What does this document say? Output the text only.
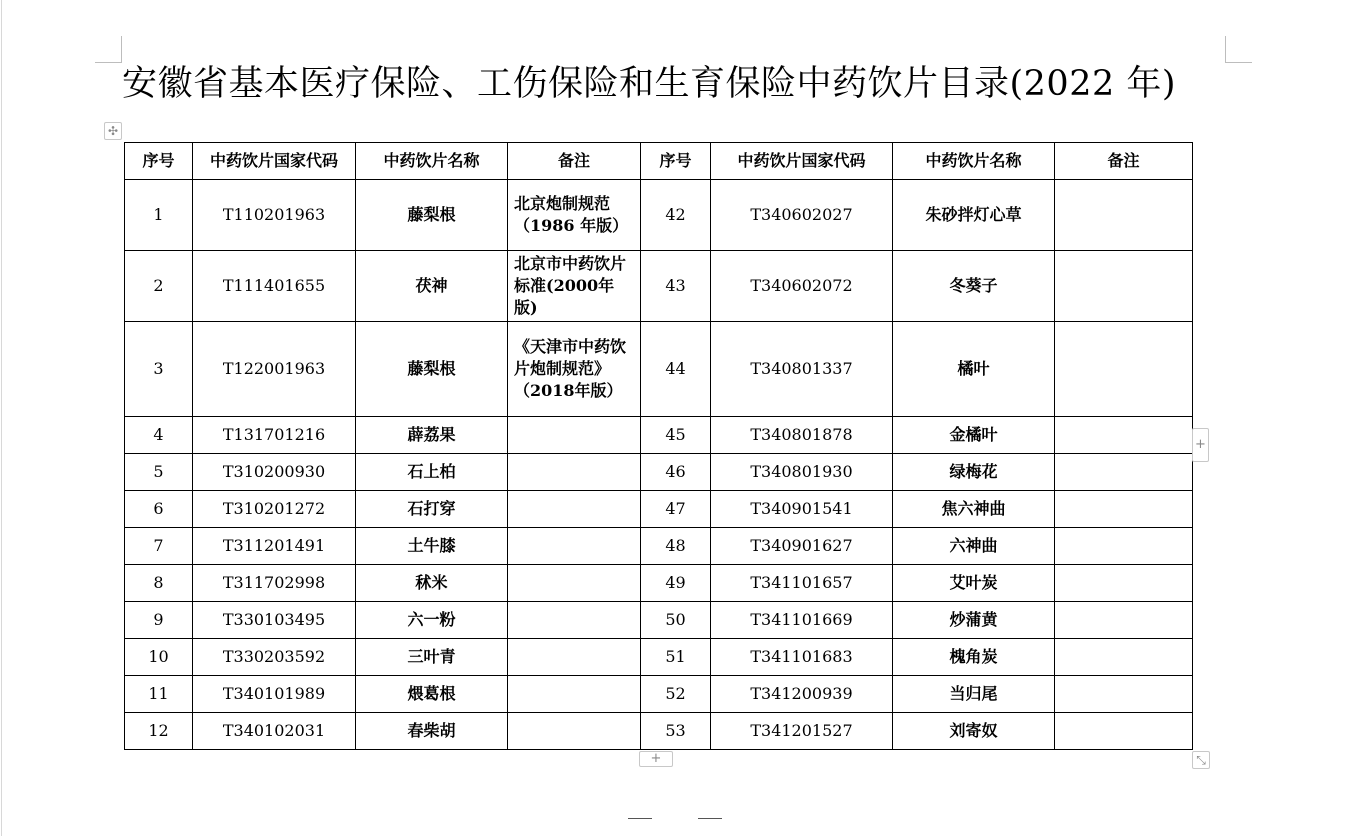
安徽省基本医疗保险、工伤保险和生育保险中药饮片目录(2022 年)
✣
序号	中药饮片国家代码	中药饮片名称	备注	序号	中药饮片国家代码	中药饮片名称	备注
1	T110201963	藤梨根	北京炮制规范（1986 年版）	42	T340602027	朱砂拌灯心草	
2	T111401655	茯神	北京市中药饮片 标准(2000年版)	43	T340602072	冬葵子	
3	T122001963	藤梨根	《天津市中药饮 片炮制规范》（2018年版）	44	T340801337	橘叶	
4	T131701216	薜荔果		45	T340801878	金橘叶	
5	T310200930	石上柏		46	T340801930	绿梅花	
6	T310201272	石打穿		47	T340901541	焦六神曲	
7	T311201491	土牛膝		48	T340901627	六神曲	
8	T311702998	秫米		49	T341101657	艾叶炭	
9	T330103495	六一粉		50	T341101669	炒蒲黄	
10	T330203592	三叶青		51	T341101683	槐角炭	
11	T340101989	煨葛根		52	T341200939	当归尾	
12	T340102031	春柴胡		53	T341201527	刘寄奴	
+
+	⤡
